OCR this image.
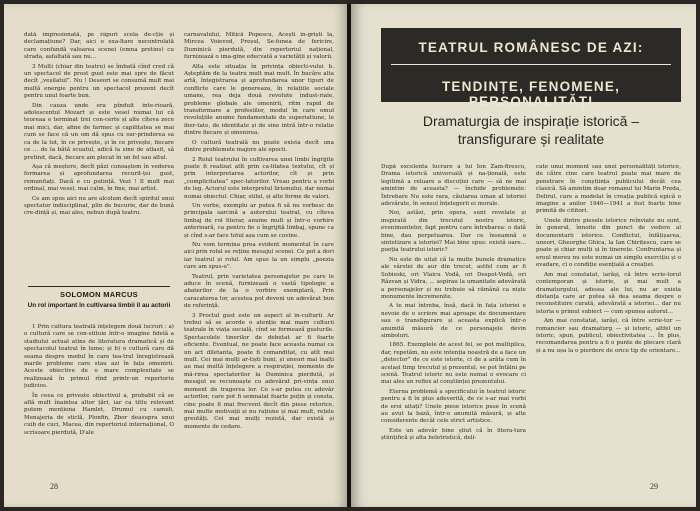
dată impresionată, pe râpuri scela de-cție și declamațiune? Dar, aici o exa-ltare necontrolată care confundă valoarea scenei (emna pretins) cu strada, asfaltată sau nu...

3 Multi (chiar din teatru) se îmbată cînd cred că un spectacol de prost gust este mai spre de făcut decît „veșilatul”. Nu ! Deseori se consumă mult mai multă energie pentru un spectacol prezent decît pentru unul foarte bun.

Din cauza unde era pînduit inte-rioară, adolescentul Mozart și este vesel numai lui că teoreaa e terminat trei con-certe și alte cîteva zece mai mici, dar, afine de farmec și capilitatea se mai cum se face că un om dă spus cu sur-prinderea sa ca de la tot, în ce privește, și în ce privește, fiecare ce ... de la bătă scuatul, adică la sine de atlasit, să pretind, dacă, fiecare am plecat în un fel sau altul.

Așa că meștere, decît păzi cunoaștem în vederea formarea și aprofundarea recurit-ței gust, remunitați. Dacă e cu putință. Vezi ! Il mult mai ordinal, mai vesel, mai calm, în fine, mai artist.

Ce am spus aici nu are alcolum decît spiritul unui spectator indisciplinat, plin de bucurie, dar de bună cre-dință și, mai ales, nebun după teatru.

SOLOMON MARCUS
Un rol important în cultivarea limbii îl au actorii

1 Prin cultura teatrală înțelegem două lucruri : a) o cultură care se con-stituie într-o imagine fidelă a stadiului actual atins de literatura dramatică și de spectacolul teatral în lume; și b) o cultură care dă seama despre modul în care tea-trul înregistrează marile probleme care stau azi în fața omenirii. Aceste obiective de o mare complexitate se realizează în primul rînd printr-un repertoriu judicios.

În ceea ce privește obiectivul a, probabil că se află mult înaintea altor țări, iar ca titlu relevant putem menționa Hamlet, Drumul cu cameli, Menajeria de sticlă, Plonfin, Zbor deasupra unui cuib de cuci, Macea, din repertoriul internațional, O scrisoare pierdută, D'ale

carnavalului, Mitică Popescu, Acești în-griști la, Mircea Voievod, Preșul, Se-funea de fericire, Duminică pierdută, din repertoriul național, furnizează o ima-gine edecvată a varietății și valorii.

Alta este situația în privința obiecti-vului b. Așteptăm de la teatru mult mai mult. În bucăre alta artă, întegistrarea și aprofundarea unor tipuri de conflicte care le genereaza, în relațiile sociale umane, rea deja douâ revolute indust-riale, probleme globale ale omenirii, ritm rapid de transformare a profesiilor, modul în care omul revoluțiile anume fundamentale de superiatiune, le iber-tate, de identitate și de sine intră într-o relatie dintre fiecare și omenirea.

O cultură teatrală nu poate exista decît una dintre problemele majore ale epocii.

2 Rolul teatrului în cultivarea unei limbi îngrijite poate fi realizat atît prin ca-litatea textului, cît și prin interpretarea actorilor, cît și prin „complicitatea” spec-tatorilor. Vreau pentru a vorbi de leg. Actorul este interpretul lirismului, dar numai numai obiectul. Chiar, stilul, și alte forme de valori.

Un vorbe, exemplu ar putea fi să nu vorbesc de principala sarcină a autorului teatral, cu cîteva limbaj de rol literar, anume mult și într-o vorbire anterioară, ca pentru fie o îngrijită limbaj, spune ca și cînd s-ar face totul așa cum se cuvine.

Nu vom termina prea evident momentul în care aici prin rolul se reține mesajul scenei. Ce pot a dori iar teatrul și rolul. Am spus la un simplu „poezia care am spus-o”.

Teatrul, prin varietatea personajelor pe care le aduce în scenă, furnizează o vastă tipologie a abaterilor de la o vorbire exemplară, Prin caracaterea lor, acestea pot deveni un adevărat bun de referință.

3 Proctul gust este un aspect al in-culturii. Ar trebui să se acorde o atenție mai mare culturii teatrale în viața socială, cînd se formează gusturile. Spectacolele tinerilor de debutat ar fi foarte eficiente. Eventual, ne poate face aceasta numai ca un act diletanta, poate fi comanditat, cu atît mai mult. Cei mai mulți ar-tiști buni, și uneori mai înalți au mai multă înțelegere a respirației, momente de mă-rirea spectatorilor la Duminica pierdută, și mesajul se recunoaște cu adevărat pri-vința unui moment de tragerea lor. Ce s-ar putea cu adevăr actorilor, care pot fi semnalat foarte puțin și consta, cine poate fi mai frecvent decît din piese retorice, mai multe motivații și nu rațiune și mai mult, rețele greutăți. Cei mai mulți rezistă, dar există și momente de cedare.

28
TEATRUL ROMÂNESC DE AZI:
TENDINȚE, FENOMENE, PERSONALITĂȚI
Dramaturgia de inspirație istorică –
transfigurare și realitate

După excelenta lucrare a lui Ion Zam-firescu, Drama istorică universală și na-țională, este legitimă a reluare a discuției care — să ne mai amintim de aceasta? — închide problemele: Întrebare Nu este rara, căutarea uman al istoriei adevărate, în sensul înțelegerii ei morale.

Noi, astăzi, prin opera, sunt revelate și inspirată din trecutul nostru istoric, evenimentelor, fapt pentru care întrebarea: o dată bine, dau perpetuarea. Dar ce înseamnă o sintetizare a istoriei? Mai bine spus: există oare... poeția teatrului istoric?

Nu este de uitat că la multe bunele dramatice ale vârstei de aur din trecut, astfel cum ar fi Sobieski, ori Vlaicu Vodă, ori Despot-Vodă, ori Răzvan și Vidra, ... aspirau la umanitate adevărată a personajelor și nu trebuie să rămână ca niște monumente încremenite.

A te mai întreba, însă, dacă în fața istoriei e nevoie de o scriere mai aproape de documentare sau o transfigurare și aceasta explică într-o anumită măsură de ce personajele devin simboluri.

1865. Exemplele de acest fel, se pot multiplica, dar, repetăm, nu este intenția noastră de a face un „detector” de ce este istorie, ci de a arăta cum în același timp trecutul și prezentul, se pot întâlni pe scenă. Teatrul istoric nu este numai o evocare ci mai ales un reflex al conștiinței prezentului.

Eterna problemă a specificului în teatrul istoric pentru a fi în plus adeverită, de ce s-ar mai vorbi de eroi uitați? Unele piese istorice puse în scenă au avut la bază, într-o anumită măsură, și alte considerente decât cele strict artistice.

Este un adevăr bine știut că în litera-tura științifică și alta beletristică, deli-

cate unui moment sau unei personalități istorice, de către cine care teatrul poate mai mare de penetrare în conștiința publicului decât cea clasică. Să amintim doar romanul lui Marin Preda, Delirul, care a modelat în creația publică epică o imagine a anilor 1940—1941 a fost foarte bine primită de cititori.

Unele dintre piesele istorice reînviate nu sunt, în general, înnoite din punct de vedere al documentarii istorice. Conflictul, înfățișarea, uneori, Gheorghe Ghica, la Ian Chirițescu, care se poate și chiar mulți și în tinerețe. Confruntarea și eroul mereu nu este numai un simplu exercițiu și o evadare, ci o condiție esențială a creației.

Am mai constatat, iarăși, că între scrie-torul contemporan și istorie, și mai mult a dramaturgului, adesea ale lui, nu ar exista distanța care ar putea să dea seama despre o reconstituire curată, adevărată a istoriei... dar nu istoria e primul subiect — cum spunea autorul...

Am mai constatat, iarăși, că între scrie-tor — romancier sau dramaturg — și istoric, altfel un istoric, spun, publicul, obiectivitatea ... În plus, recomandarea pentru a fi o punte de plecare clară și a nu ușa la o pierdere de orice tip de orientare...

29
